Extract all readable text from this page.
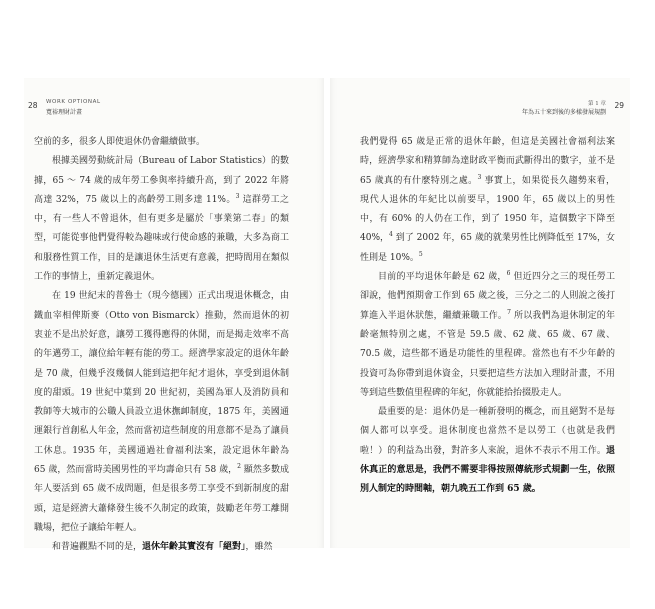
28 WORK OPTIONAL
寬裕理財計畫

空前的多，很多人即使退休仍會繼續做事。

根據美國勞動統計局（Bureau of Labor Statistics）的數據，65 ～ 74 歲的成年勞工參與率持續升高，到了 2022 年將高達 32%，75 歲以上的高齡勞工則多達 11%。$^3$ 這群勞工之中，有一些人不曾退休，但有更多是屬於「事業第二春」的類型，可能從事他們覺得較為趣味或行使命感的兼職，大多為商工和服務性質工作，目的是讓退休生活更有意義，把時間用在類似工作的事情上，重新定義退休。

在 19 世紀末的普魯士（現今德國）正式出現退休概念，由鐵血宰相俾斯麥（Otto von Bismarck）推動，然而退休的初衷並不是出於好意，讓勞工獲得應得的休閒，而是揭走效率不高的年邁勞工，讓位給年輕有能的勞工。經濟學家設定的退休年齡是 70 歲，但幾乎沒幾個人能到這把年紀才退休，享受到退休制度的甜頭。19 世紀中葉到 20 世紀初，美國為軍人及消防員和教師等大城市的公職人員設立退休撫卹制度，1875 年，美國通運銀行首創私人年金，然而當初這些制度的用意都不是為了讓員工休息。1935 年，美國通過社會福利法案，設定退休年齡為 65 歲，然而當時美國男性的平均壽命只有 58 歲，$^2$ 顯然多數成年人要活到 65 歲不成問題，但是很多勞工享受不到新制度的甜頭，這是經濟大蕭條發生後不久制定的政策，鼓勵老年勞工離開職場，把位子讓給年輕人。

和普遍觀點不同的是，退休年齡其實沒有「絕對」，雖然

29
第 1 章
年為五十來到後的多樣發展規劃

我們覺得 65 歲是正常的退休年齡，但這是美國社會福利法案時，經濟學家和精算師為達財政平衡而武斷得出的數字，並不是 65 歲真的有什麼特別之處。$^3$ 事實上，如果從長久趨勢來看，現代人退休的年紀比以前要早，1900 年，65 歲以上的男性中，有 60% 的人仍在工作，到了 1950 年，這個數字下降至 40%，$^4$ 到了 2002 年，65 歲的就業男性比例降低至 17%，女性則是 10%。$^5$

目前的平均退休年齡是 62 歲，$^6$ 但近四分之三的現任勞工卻說，他們預期會工作到 65 歲之後，三分之二的人則說之後打算進入半退休狀態，繼續兼職工作。$^7$ 所以我們為退休制定的年齡毫無特別之處，不管是 59.5 歲、62 歲、65 歲、67 歲、70.5 歲，這些都不過是功能性的里程碑。當然也有不少年齡的投資可為你帶到退休資金，只要把這些方法加入理財計畫，不用等到這些數值里程碑的年紀，你就能拾抬掇股走人。

最重要的是：退休仍是一種新發明的概念，而且絕對不是每個人都可以享受。退休制度也當然不是以勞工（也就是我們啦！）的利益為出發，對許多人來說，退休不表示不用工作。退休真正的意思是，我們不需要非得按照傳統形式規劃一生，依照別人制定的時間軸，朝九晚五工作到 65 歲。
